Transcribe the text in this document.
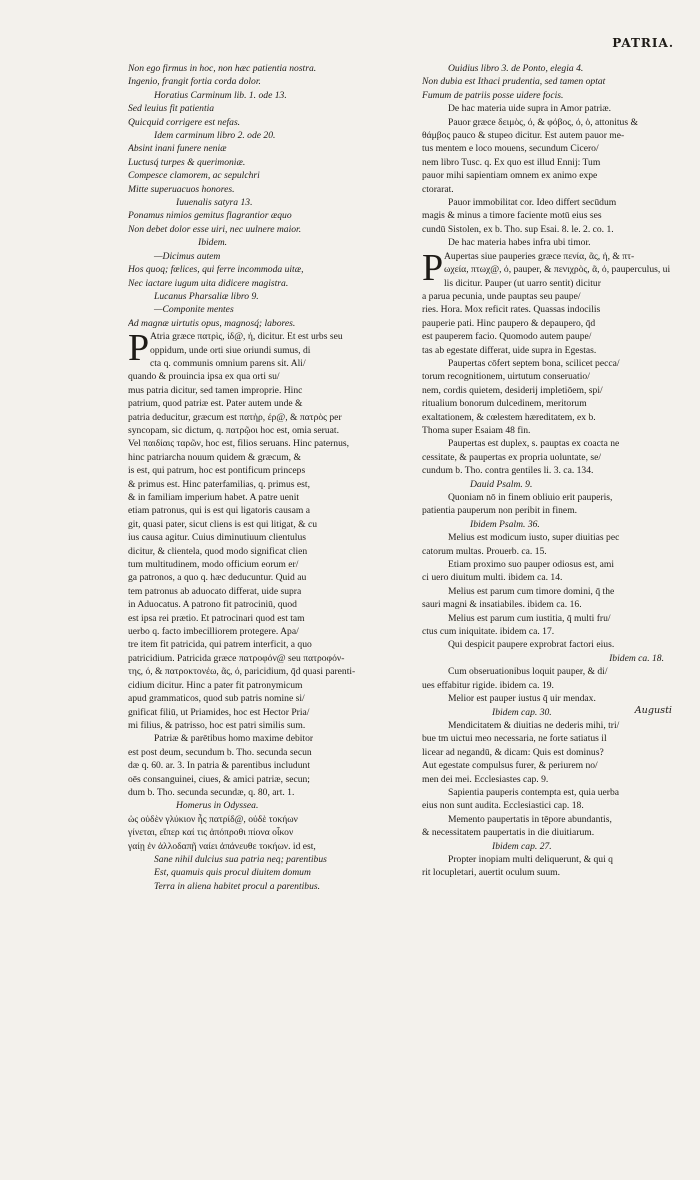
PATRIA.
Non ego firmus in hoc, non hæc patientia nostra.
Ingenio, frangit fortia corda dolor.
Horatius Carminum lib. 1. ode 13.
Sed leuius fit patientia
Quicquid corrigere est nefas.
Idem carminum libro 2. ode 20.
Absint inani funere neniæ
Luctusq́ turpes & querimoniæ.
Compesce clamorem, ac sepulchri
Mitte superuacuos honores.
Iuuenalis satyra 13.
Ponamus nimios gemitus flagrantior æquo
Non debet dolor esse uiri, nec uulnere maior.
Ibidem.
—Dicimus autem
Hos quoq; fœlices, qui ferre incommoda uitæ,
Nec iactare iugum uita didicere magistra.
Lucanus Pharsaliæ libro 9.
—Componite mentes
Ad magnæ uirtutis opus, magnosq́; labores.
P Atria græce πατρὶς, ίδ@, ή, dicitur. Et est urbs seu
oppidum, unde orti siue oriundi sumus, di
cta q. communis omnium parens sit. Ali/
quando & prouincia ipsa ex qua orti su/
mus patria dicitur, sed tamen improprie. Hinc
patrium, quod patriæ est. Pater autem unde &
patria deducitur, græcum est πατὴρ, έρ@, & πατρὸς per
syncopam, sic dictum, q. πατρῷοι hoc est, omia seruat.
Vel παιδίαις ταρῶν, hoc est, filios seruans. Hinc paternus,
hinc patriarcha nouum quidem & græcum, &
is est, qui patrum, hoc est pontificum princeps
& primus est. Hinc paterfamilias, q. primus est,
& in familiam imperium habet. A patre uenit
etiam patronus, qui is est qui ligatoris causam a
git, quasi pater, sicut cliens is est qui litigat, & cu
ius causa agitur. Cuius diminutiuum clientulus
dicitur, & clientela, quod modo significat clien
tum multitudinem, modo officium eorum er/
ga patronos, a quo q. hæc deducuntur. Quid au
tem patronus ab aduocato differat, uide supra
in Aduocatus. A patrono fit patrociniū, quod
est ipsa rei prætio. Et patrocinari quod est tam
uerbo q. facto imbecilliorem protegere. Apa/
tre item fit patricida, qui patrem interficit, a quo
patricidium. Patricida græce πατροφόν@ seu πατροφόν-
της, ό, & πατροκτονέω, ᾶς, ό, paricidium, q̄d quasi parenti-
cidium dicitur. Hinc a pater fit patronymicum
apud grammaticos, quod sub patris nomine si/
gnificat filiū, ut Priamides, hoc est Hector Pria/
mi filius, & patrisso, hoc est patri similis sum.
Patriæ & parētibus homo maxime debitor
est post deum, secundum b. Tho. secunda secun
dæ q. 60. ar. 3. In patria & parentibus includunt
oēs consanguinei, ciues, & amici patriæ, secun;
dum b. Tho. secunda secundæ, q. 80, art. 1.
Homerus in Odyssea.
ὡς οὐδὲν γλύκιον ἧς πατρίδ@, οὐδὲ τοκήων
γίνεται, εἴπερ καί τις ἀπόπροθι πίονα οἶκον
γαίῃ ἐν ἀλλοδαπῇ ναίει ἀπάνευθε τοκήων. id est,
Sane nihil dulcius sua patria neq; parentibus
Est, quamuis quis procul diuitem domum
Terra in aliena habitet procul a parentibus.
Ouidius libro 3. de Ponto, elegia 4.
Non dubia est Ithaci prudentia, sed tamen optat
Fumum de patriis posse uidere focis.
De hac materia uide supra in Amor patriæ.
Pauor græce δειμὸς, ό, & φόβος, ό, ὁ, attonitus &
θάμβος pauco & stupeo dicitur. Est autem pauor me-
tus mentem e loco mouens, secundum Cicero/
nem libro Tusc. q. Ex quo est illud Ennij: Tum
pauor mihi sapientiam omnem ex animo expe
ctorarat.
Pauor immobilitat cor. Ideo differt secūdum
magis & minus a timore faciente motū eius ses
cundū Sistolen, ex b. Tho. sup Esai. 8. le. 2. co. 1.
De hac materia habes infra ubi timor.
P Aupertas siue pauperies græce πενία, ᾶς, ἡ, & πτ-
ωχεία, πτωχ@, ό, pauper, & πενιχρὸς, ᾶ, ό, pauperculus, ui
lis dicitur. Pauper (ut uarro sentit) dicitur
a parua pecunia, unde pauptas seu paupe/
ries. Hora. Mox reficit rates. Quassas indocilis
pauperie pati. Hinc paupero & depaupero, q̄d
est pauperem facio. Quomodo autem paupe/
tas ab egestate differat, uide supra in Egestas.
Paupertas cōfert septem bona, scilicet pecca/
torum recognitionem, uirtutum conseruatio/
nem, cordis quietem, desiderij impletiōem, spi/
ritualium bonorum dulcedinem, meritorum
exaltationem, & cœlestem hæreditatem, ex b.
Thoma super Esaiam 48 fin.
Paupertas est duplex, s. pauptas ex coacta ne
cessitate, & paupertas ex propria uoluntate, se/
cundum b. Tho. contra gentiles li. 3. ca. 134.
Dauid Psalm. 9.
Quoniam nō in finem obliuio erit pauperis,
patientia pauperum non peribit in finem.
Ibidem Psalm. 36.
Melius est modicum iusto, super diuitias pec
catorum multas. Prouerb. ca. 15.
Etiam proximo suo pauper odiosus est, ami
ci uero diuitum multi. ibidem ca. 14.
Melius est parum cum timore domini, q̄ the
sauri magni & insatiabiles. ibidem ca. 16.
Melius est parum cum iustitia, q̄ multi fru/
ctus cum iniquitate. ibidem ca. 17.
Qui despicit paupere exprobrat factori eius.
Ibidem ca. 18.
Cum obseruationibus loquit pauper, & di/
ues effabitur rigide. ibidem ca. 19.
Melior est pauper iustus q̄ uir mendax.
Ibidem cap. 30.
Mendicitatem & diuitias ne dederis mihi, tri/
bue tm uictui meo necessaria, ne forte satiatus il
licear ad negandū, & dicam: Quis est dominus?
Aut egestate compulsus furer, & periurem no/
men dei mei. Ecclesiastes cap. 9.
Sapientia pauperis contempta est, quia uerba
eius non sunt audita. Ecclesiastici cap. 18.
Memento paupertatis in tēpore abundantis,
& necessitatem paupertatis in die diuitiarum.
Ibidem cap. 27.
Propter inopiam multi deliquerunt, & qui q
rit locupletari, auertit oculum suum.
Augusti
